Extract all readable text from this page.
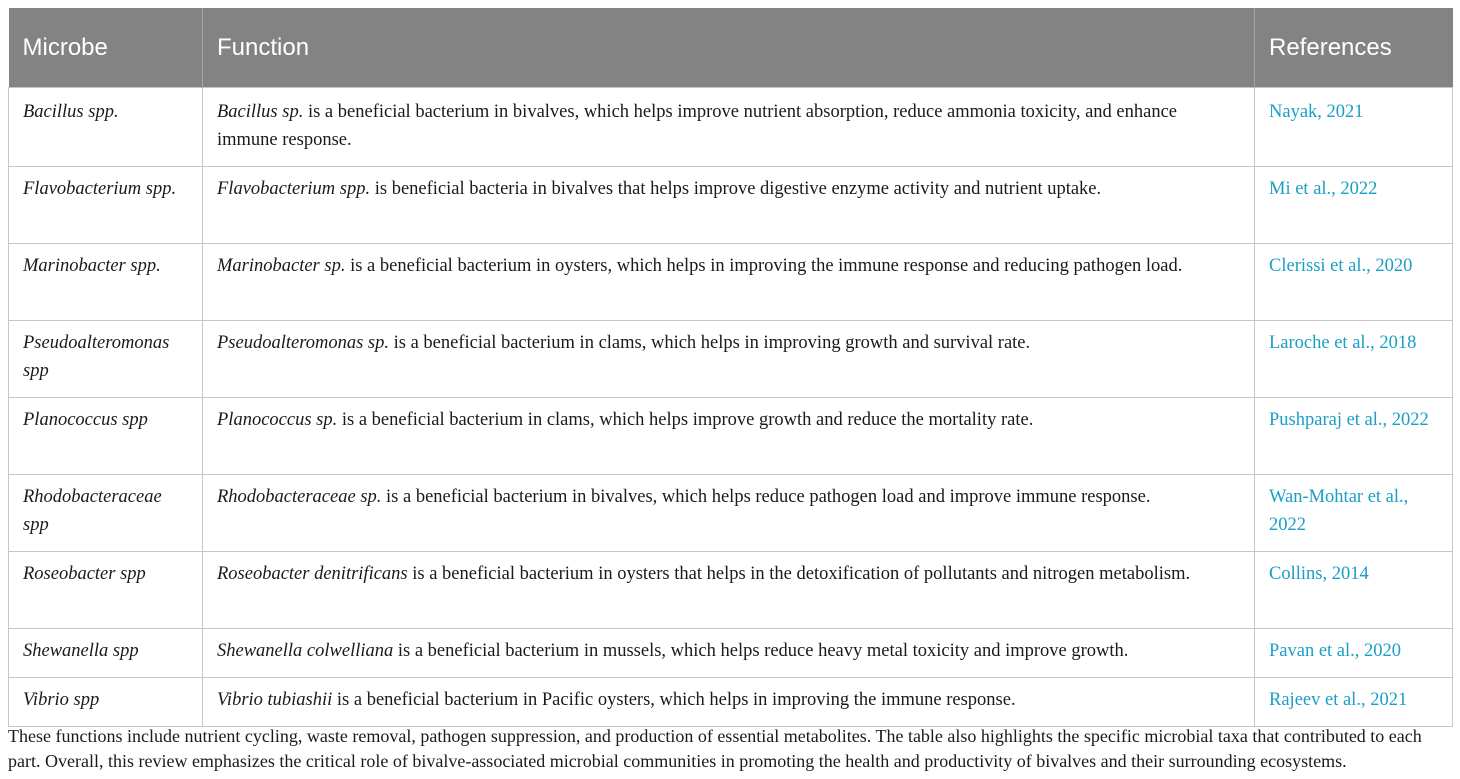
Microbe	Function	References
Bacillus spp.	Bacillus sp. is a beneficial bacterium in bivalves, which helps improve nutrient absorption, reduce ammonia toxicity, and enhance immune response.	Nayak, 2021
Flavobacterium spp.	Flavobacterium spp. is beneficial bacteria in bivalves that helps improve digestive enzyme activity and nutrient uptake.	Mi et al., 2022
Marinobacter spp.	Marinobacter sp. is a beneficial bacterium in oysters, which helps in improving the immune response and reducing pathogen load.	Clerissi et al., 2020
Pseudoalteromonas spp	Pseudoalteromonas sp. is a beneficial bacterium in clams, which helps in improving growth and survival rate.	Laroche et al., 2018
Planococcus spp	Planococcus sp. is a beneficial bacterium in clams, which helps improve growth and reduce the mortality rate.	Pushparaj et al., 2022
Rhodobacteraceae spp	Rhodobacteraceae sp. is a beneficial bacterium in bivalves, which helps reduce pathogen load and improve immune response.	Wan-Mohtar et al., 2022
Roseobacter spp	Roseobacter denitrificans is a beneficial bacterium in oysters that helps in the detoxification of pollutants and nitrogen metabolism.	Collins, 2014
Shewanella spp	Shewanella colwelliana is a beneficial bacterium in mussels, which helps reduce heavy metal toxicity and improve growth.	Pavan et al., 2020
Vibrio spp	Vibrio tubiashii is a beneficial bacterium in Pacific oysters, which helps in improving the immune response.	Rajeev et al., 2021
These functions include nutrient cycling, waste removal, pathogen suppression, and production of essential metabolites. The table also highlights the specific microbial taxa that contributed to each part. Overall, this review emphasizes the critical role of bivalve-associated microbial communities in promoting the health and productivity of bivalves and their surrounding ecosystems.
